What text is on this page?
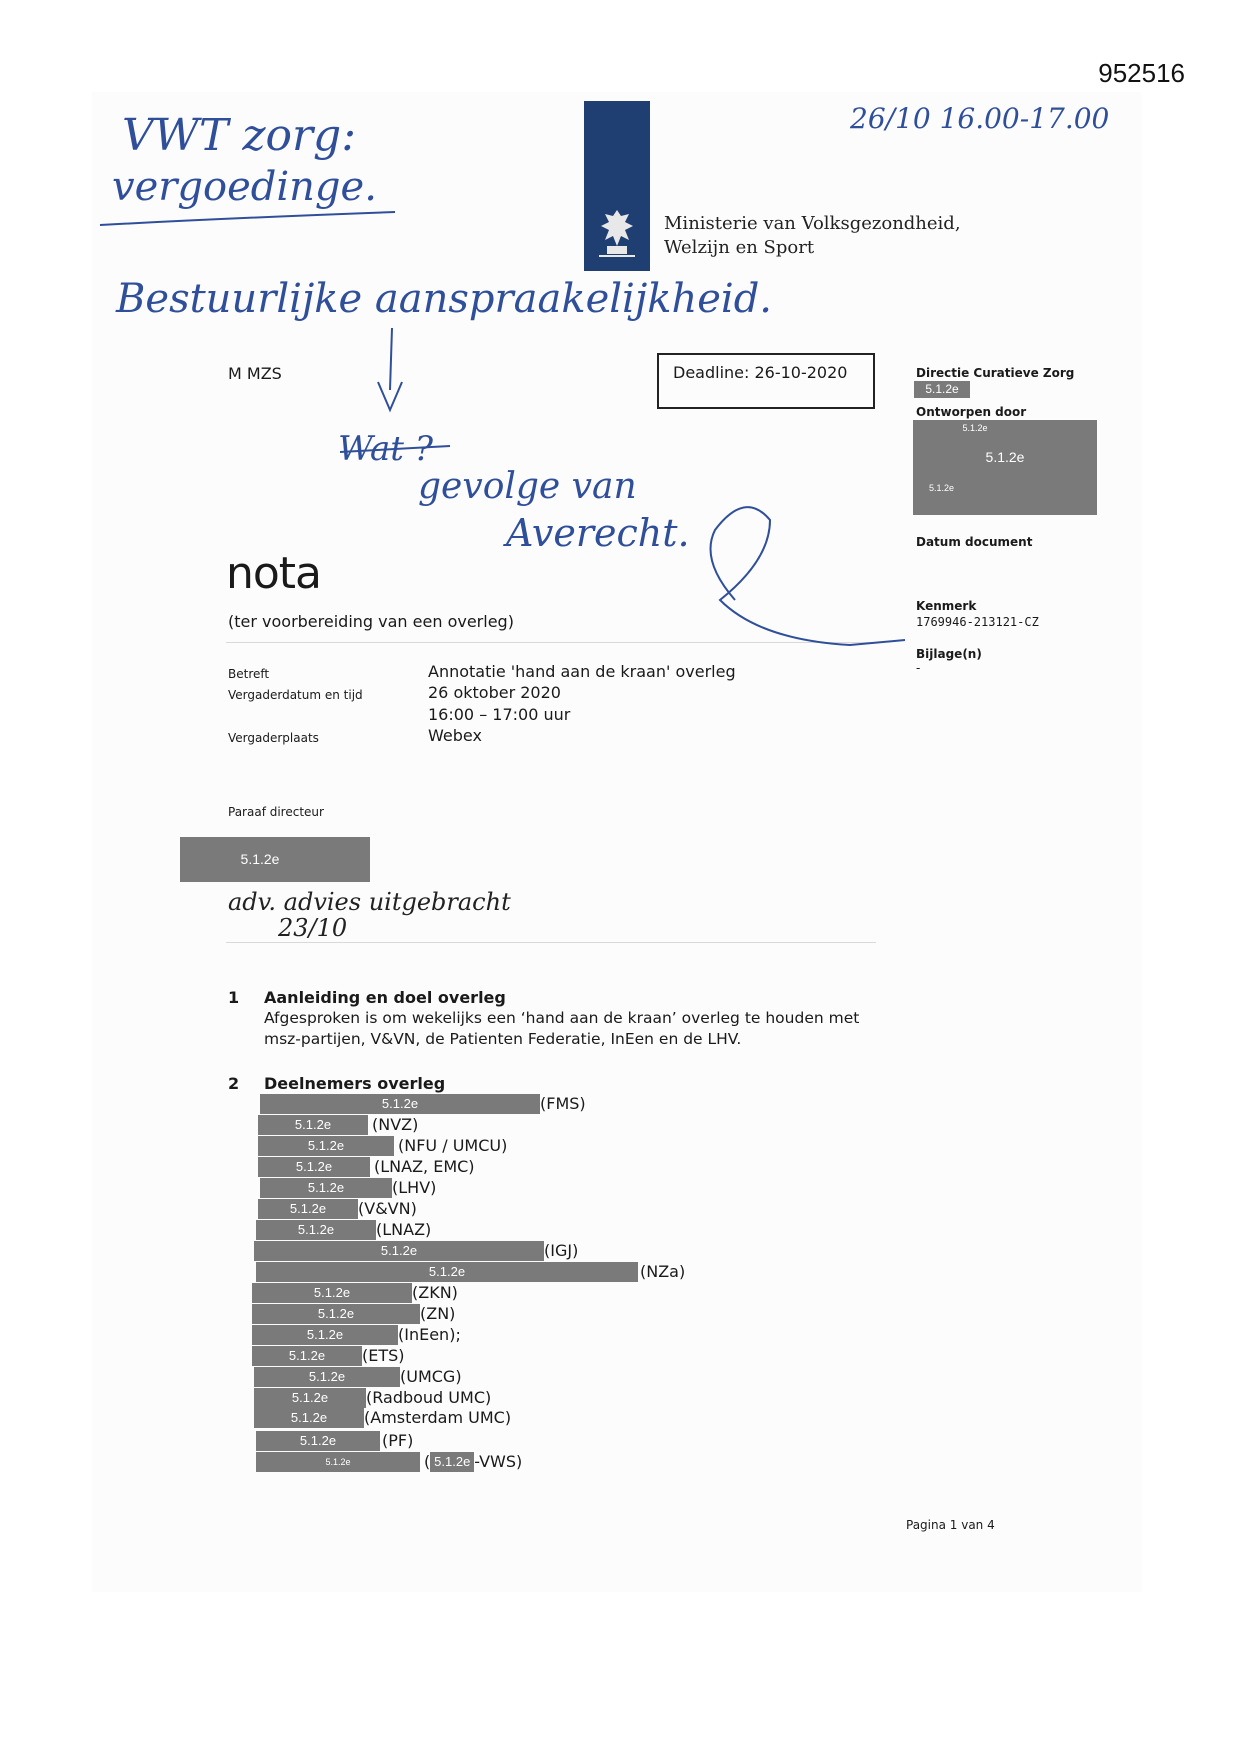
952516
Ministerie van Volksgezondheid,
Welzijn en Sport
M MZS	Deadline: 26-10-2020	Directie Curatieve Zorg
5.1.2e
Ontworpen door
5.1.2e
5.1.2e
5.1.2e
Datum document
Kenmerk
1769946-213121-CZ
Bijlage(n)
-
nota
(ter voorbereiding van een overleg)
Betreft	Annotatie 'hand aan de kraan' overleg
Vergaderdatum en tijd	26 oktober 2020
16:00 – 17:00 uur
Vergaderplaats	Webex
Paraaf directeur
5.1.2e
1 Aanleiding en doel overleg
Afgesproken is om wekelijks een ‘hand aan de kraan’ overleg te houden met
msz-partijen, V&VN, de Patienten Federatie, InEen en de LHV.
2 Deelnemers overleg
5.1.2e	(FMS)
5.1.2e	(NVZ)
5.1.2e	(NFU / UMCU)
5.1.2e	(LNAZ, EMC)
5.1.2e	(LHV)
5.1.2e	(V&VN)
5.1.2e	(LNAZ)
5.1.2e	(IGJ)
5.1.2e	(NZa)
5.1.2e	(ZKN)
5.1.2e	(ZN)
5.1.2e	(InEen);
5.1.2e	(ETS)
5.1.2e	(UMCG)
5.1.2e	(Radboud UMC)
5.1.2e	(Amsterdam UMC)
5.1.2e	(PF)
5.1.2e	( 5.1.2e -VWS)
Pagina 1 van 4
VWT zorg:
vergoedinge.
26/10 16.00-17.00
Bestuurlijke aanspraakelijkheid.
Wat ?
gevolge van
Averecht.
adv. advies uitgebracht
23/10
